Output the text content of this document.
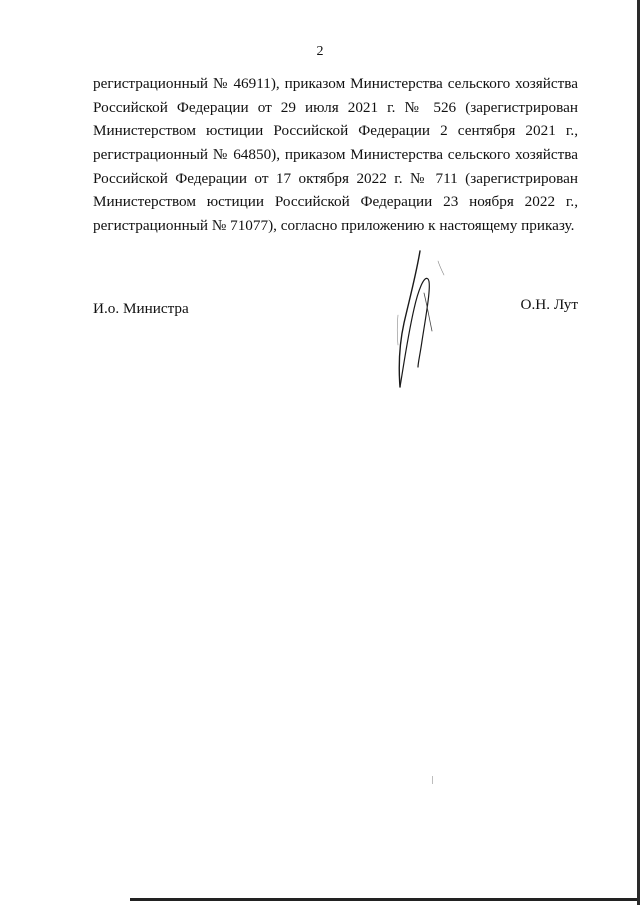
2
регистрационный № 46911), приказом Министерства сельского хозяйства
Российской Федерации от 29 июля 2021 г. № 526 (зарегистрирован
Министерством юстиции Российской Федерации 2 сентября 2021 г.,
регистрационный № 64850), приказом Министерства сельского хозяйства
Российской Федерации от 17 октября 2022 г. № 711 (зарегистрирован
Министерством юстиции Российской Федерации 23 ноября 2022 г.,
регистрационный № 71077), согласно приложению к настоящему приказу.
И.о. Министра	О.Н. Лут
